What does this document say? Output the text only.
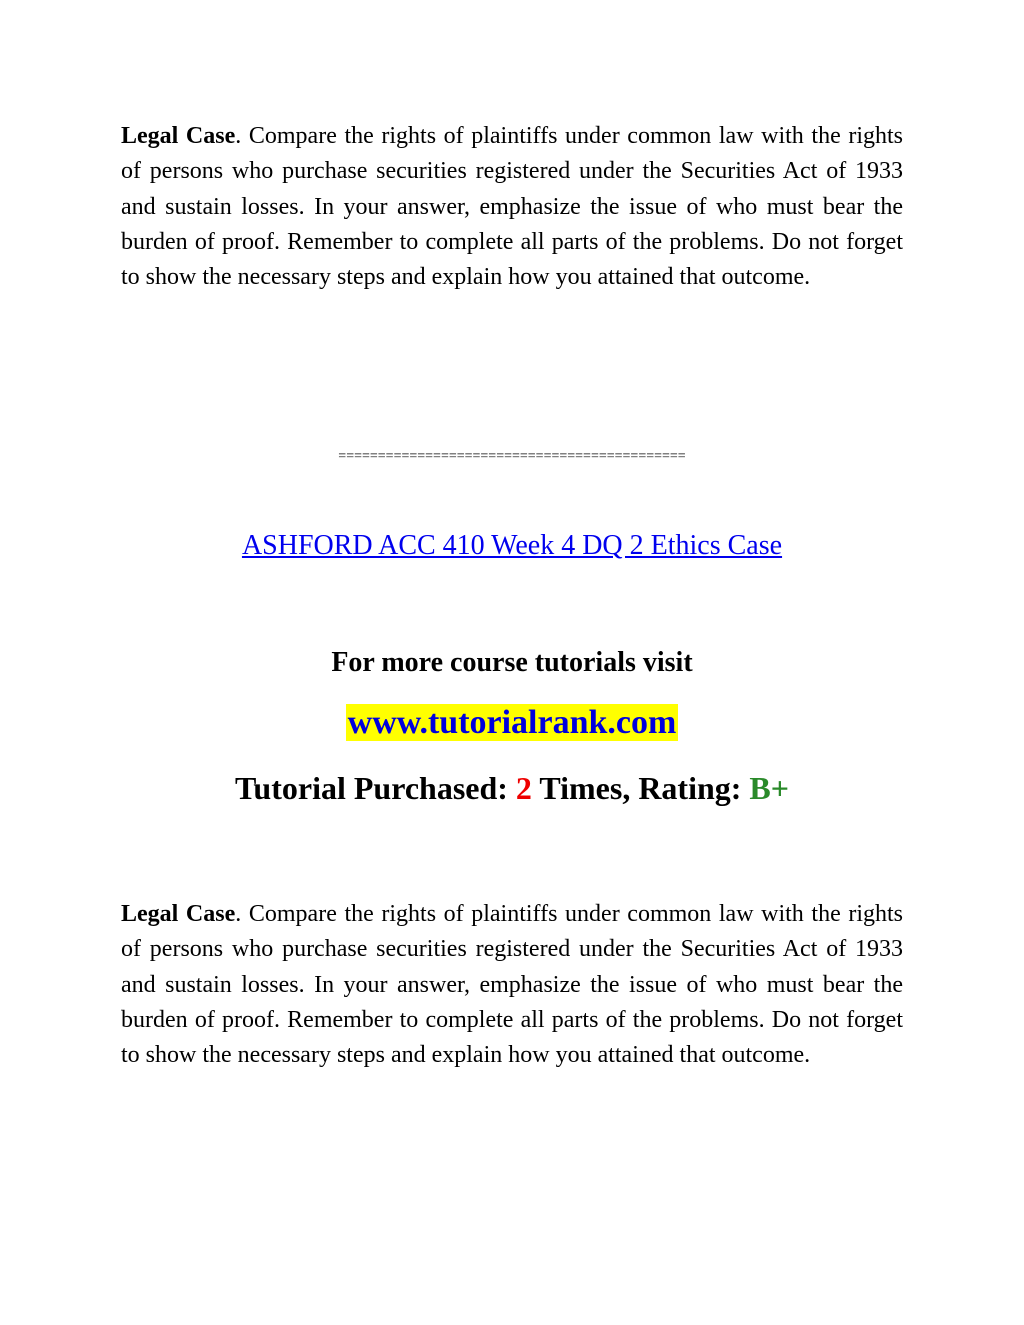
Legal Case. Compare the rights of plaintiffs under common law with the rights of persons who purchase securities registered under the Securities Act of 1933 and sustain losses. In your answer, emphasize the issue of who must bear the burden of proof. Remember to complete all parts of the problems. Do not forget to show the necessary steps and explain how you attained that outcome.

============================================
ASHFORD ACC 410 Week 4 DQ 2 Ethics Case
For more course tutorials visit
www.tutorialrank.com
Tutorial Purchased: 2 Times, Rating: B+

Legal Case. Compare the rights of plaintiffs under common law with the rights of persons who purchase securities registered under the Securities Act of 1933 and sustain losses. In your answer, emphasize the issue of who must bear the burden of proof. Remember to complete all parts of the problems. Do not forget to show the necessary steps and explain how you attained that outcome.
